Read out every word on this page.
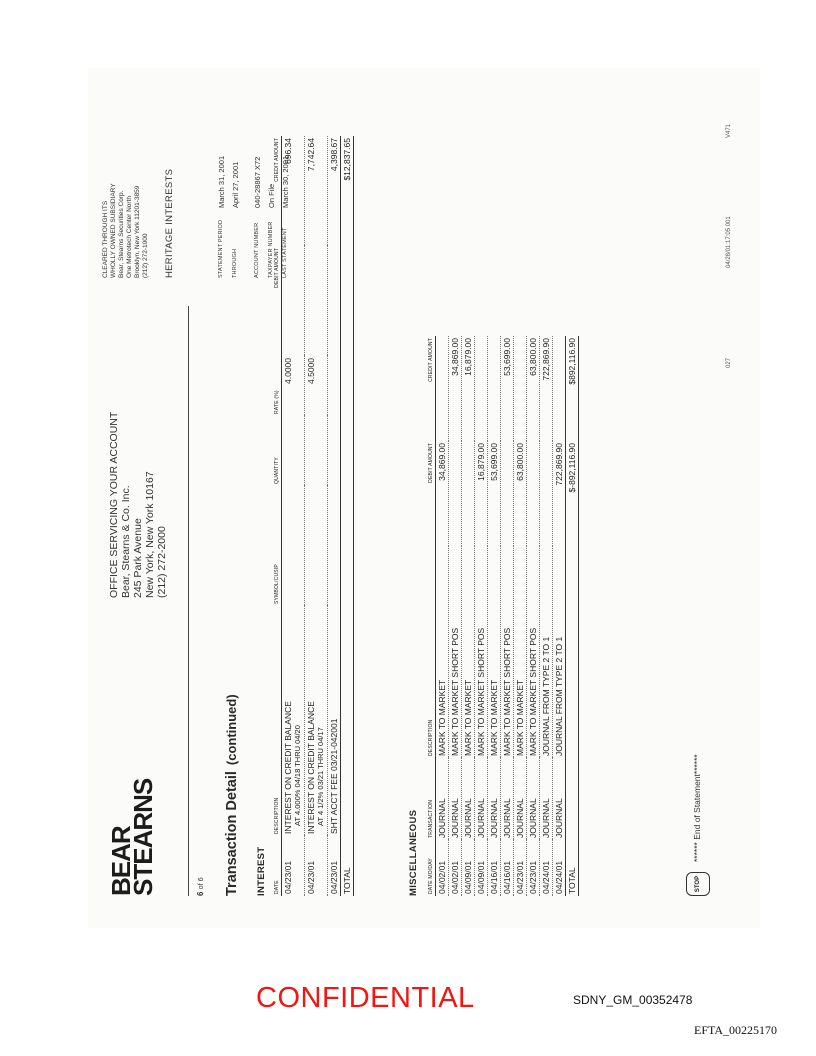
BEAR
STEARNS
OFFICE SERVICING YOUR ACCOUNT Bear, Stearns & Co. Inc. 245 Park Avenue New York, New York 10167 (212) 272-2000
CLEARED THROUGH ITS WHOLLY OWNED SUBSIDIARY Bear, Stearns Securities Corp. One Metrotech Center North Brooklyn, New York 11201-3859 (212) 272-1000 HERITAGE INTERESTS
6 of 6 Transaction Detail(continued)
STATEMENT PERIOD	March 31, 2001
THROUGH	April 27, 2001

ACCOUNT NUMBER	040-28867 X72
TAXPAYER NUMBER	On File
LAST STATEMENT	March 30, 2001
INTEREST DATE	DESCRIPTION	SYMBOL/CUSIP	QUANTITY	RATE (%)	DEBIT AMOUNT	CREDIT AMOUNT
04/23/01	INTEREST ON CREDIT BALANCE AT 4.000% 04/18 THRU 04/20			4.0000		696.34
04/23/01	INTEREST ON CREDIT BALANCE AT 4 1/2% 03/21 THRU 04/17			4.5000		7,742.64
04/23/01	SHT ACCT FEE 03/21-042001					4,398.67
TOTAL						$12,837.65
MISCELLANEOUS DATE MO/DAY	TRANSACTION	DESCRIPTION	DEBIT AMOUNT	CREDIT AMOUNT
04/02/01	JOURNAL	MARK TO MARKET	34,869.00	
04/02/01	JOURNAL	MARK TO MARKET SHORT POS		34,869.00
04/09/01	JOURNAL	MARK TO MARKET		16,879.00
04/09/01	JOURNAL	MARK TO MARKET SHORT POS	16,879.00	
04/16/01	JOURNAL	MARK TO MARKET	53,699.00	
04/16/01	JOURNAL	MARK TO MARKET SHORT POS		53,699.00
04/23/01	JOURNAL	MARK TO MARKET	63,800.00	
04/23/01	JOURNAL	MARK TO MARKET SHORT POS		63,800.00
04/24/01	JOURNAL	JOURNAL FROM TYPE 2 TO 1		722,869.90
04/24/01	JOURNAL	JOURNAL FROM TYPE 2 TO 1	722,869.90	
TOTAL			$-892,116.90	$892,116.90
STOP
****** End of Statement******
027
04/28/01:17:05 001
V471
CONFIDENTIAL	SDNY_GM_00352478
EFTA_00225170
